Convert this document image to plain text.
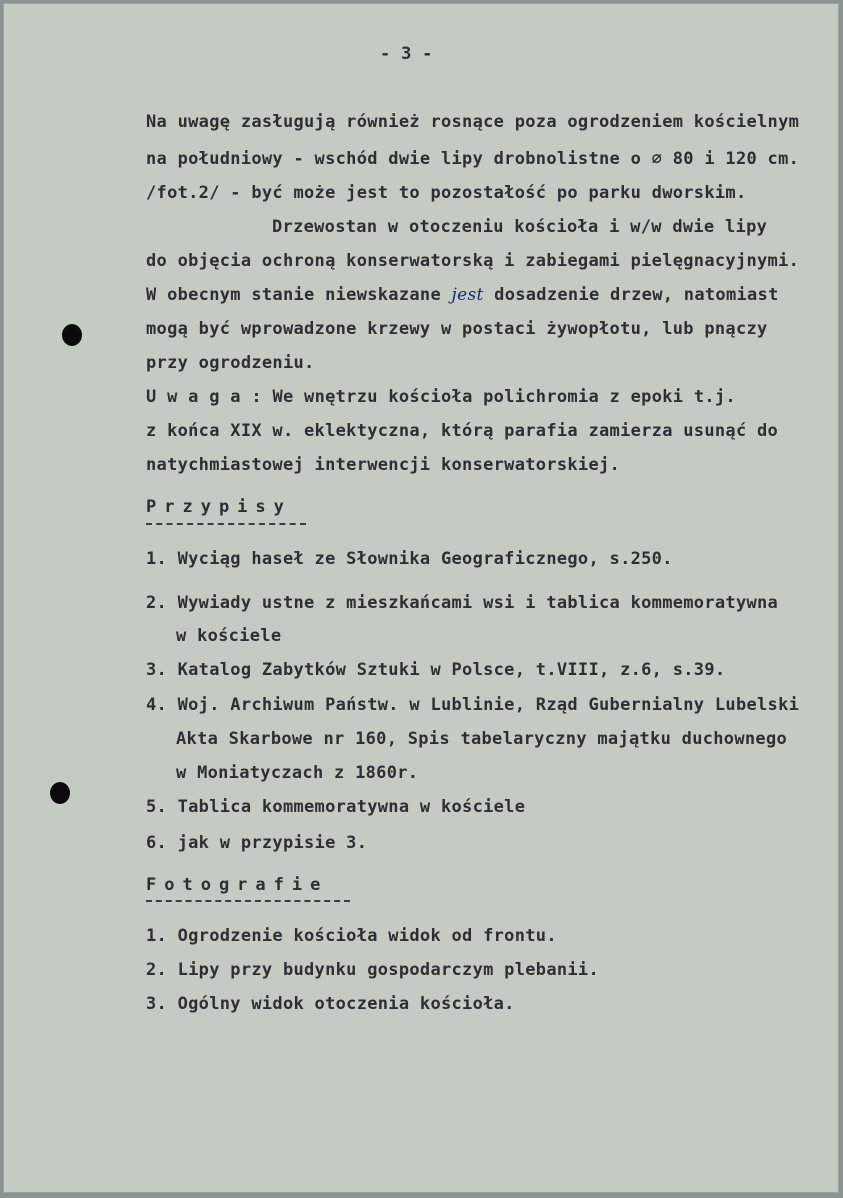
- 3 -
Na uwagę zasługują również rosnące poza ogrodzeniem kościelnym
na południowy - wschód dwie lipy drobnolistne o ⌀ 80 i 120 cm.
/fot.2/ - być może jest to pozostałość po parku dworskim.
Drzewostan w otoczeniu kościoła i w/w dwie lipy
do objęcia ochroną konserwatorską i zabiegami pielęgnacyjnymi.
W obecnym stanie niewskazane jest dosadzenie drzew, natomiast
mogą być wprowadzone krzewy w postaci żywopłotu, lub pnączy
przy ogrodzeniu.
U w a g a : We wnętrzu kościoła polichromia z epoki t.j.
z końca XIX w. eklektyczna, którą parafia zamierza usunąć do
natychmiastowej interwencji konserwatorskiej.
Przypisy
1. Wyciąg haseł ze Słownika Geograficznego, s.250.
2. Wywiady ustne z mieszkańcami wsi i tablica kommemoratywna
w kościele
3. Katalog Zabytków Sztuki w Polsce, t.VIII, z.6, s.39.
4. Woj. Archiwum Państw. w Lublinie, Rząd Gubernialny Lubelski
Akta Skarbowe nr 160, Spis tabelaryczny majątku duchownego
w Moniatyczach z 1860r.
5. Tablica kommemoratywna w kościele
6. jak w przypisie 3.
Fotografie
1. Ogrodzenie kościoła widok od frontu.
2. Lipy przy budynku gospodarczym plebanii.
3. Ogólny widok otoczenia kościoła.
